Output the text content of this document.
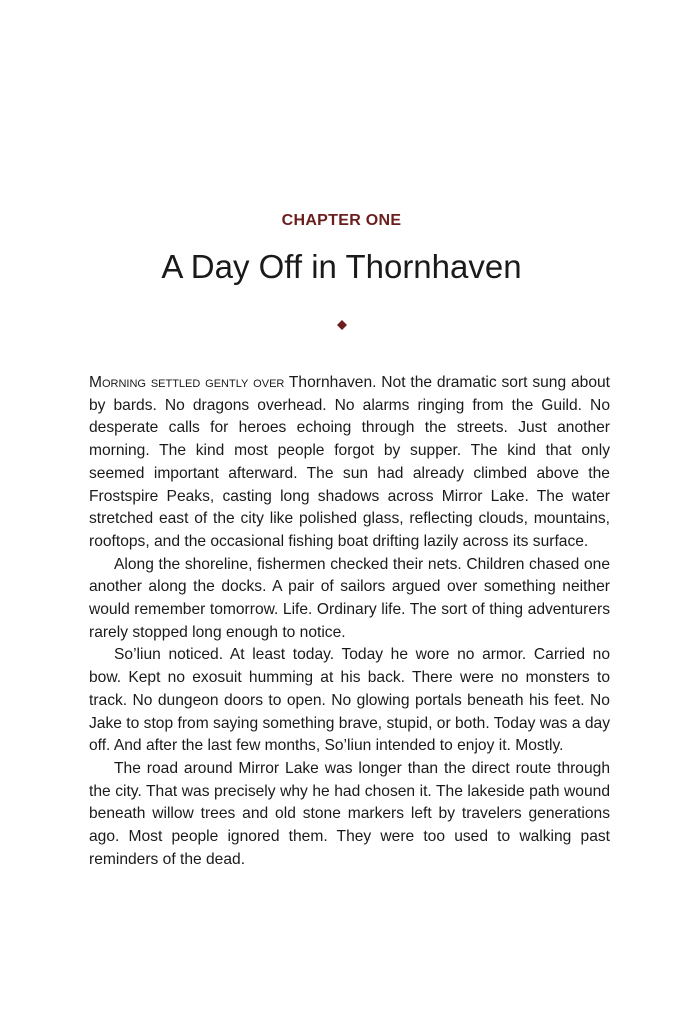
CHAPTER ONE
A Day Off in Thornhaven

Morning settled gently over Thornhaven. Not the dramatic sort sung about by bards. No dragons overhead. No alarms ringing from the Guild. No desperate calls for heroes echoing through the streets. Just another morning. The kind most people forgot by supper. The kind that only seemed important afterward. The sun had already climbed above the Frostspire Peaks, casting long shadows across Mirror Lake. The water stretched east of the city like polished glass, reflecting clouds, mountains, rooftops, and the occasional fishing boat drifting lazily across its surface.

Along the shoreline, fishermen checked their nets. Children chased one another along the docks. A pair of sailors argued over something neither would remember tomorrow. Life. Ordinary life. The sort of thing adventurers rarely stopped long enough to notice.

So’liun noticed. At least today. Today he wore no armor. Carried no bow. Kept no exosuit humming at his back. There were no monsters to track. No dungeon doors to open. No glowing portals beneath his feet. No Jake to stop from saying something brave, stupid, or both. Today was a day off. And after the last few months, So’liun intended to enjoy it. Mostly.

The road around Mirror Lake was longer than the direct route through the city. That was precisely why he had chosen it. The lakeside path wound beneath willow trees and old stone markers left by travelers generations ago. Most people ignored them. They were too used to walking past reminders of the dead.
